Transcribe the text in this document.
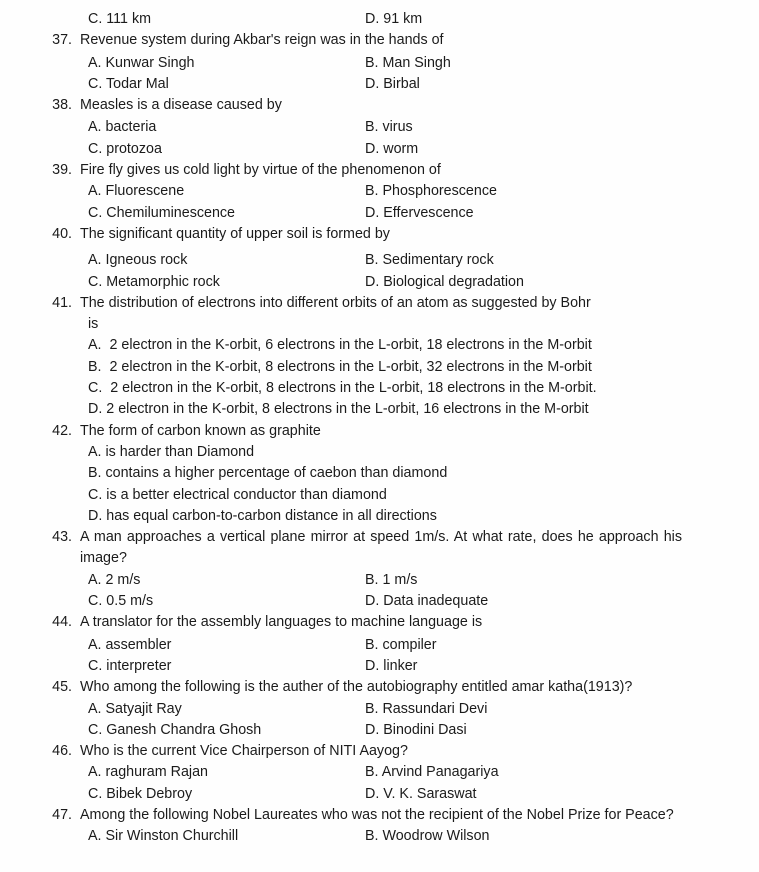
C. 111 km	D. 91 km
37. Revenue system during Akbar's reign was in the hands of
A. Kunwar Singh	B. Man Singh
C. Todar Mal	D. Birbal
38. Measles is a disease caused by
A. bacteria	B. virus
C. protozoa	D. worm
39. Fire fly gives us cold light by virtue of the phenomenon of
A. Fluorescene	B. Phosphorescence
C. Chemiluminescence	D. Effervescence
40. The significant quantity of upper soil is formed by
A. Igneous rock	B. Sedimentary rock
C. Metamorphic rock	D. Biological degradation
41. The distribution of electrons into different orbits of an atom as suggested by Bohr
is
A.  2 electron in the K-orbit, 6 electrons in the L-orbit, 18 electrons in the M-orbit
B.  2 electron in the K-orbit, 8 electrons in the L-orbit, 32 electrons in the M-orbit
C.  2 electron in the K-orbit, 8 electrons in the L-orbit, 18 electrons in the M-orbit.
D. 2 electron in the K-orbit, 8 electrons in the L-orbit, 16 electrons in the M-orbit
42. The form of carbon known as graphite
A. is harder than Diamond
B. contains a higher percentage of caebon than diamond
C. is a better electrical conductor than diamond
D. has equal carbon-to-carbon distance in all directions
43. A man approaches a vertical plane mirror at speed 1m/s. At what rate, does he approach his image?
A. 2 m/s	B. 1 m/s
C. 0.5 m/s	D. Data inadequate
44. A translator for the assembly languages to machine language is
A. assembler	B. compiler
C. interpreter	D. linker
45. Who among the following is the auther of the autobiography entitled amar katha(1913)?
A. Satyajit Ray	B. Rassundari Devi
C. Ganesh Chandra Ghosh	D. Binodini Dasi
46. Who is the current Vice Chairperson of NITI Aayog?
A. raghuram Rajan	B. Arvind Panagariya
C. Bibek Debroy	D. V. K. Saraswat
47. Among the following Nobel Laureates who was not the recipient of the Nobel Prize for Peace?
A. Sir Winston Churchill	B. Woodrow Wilson
